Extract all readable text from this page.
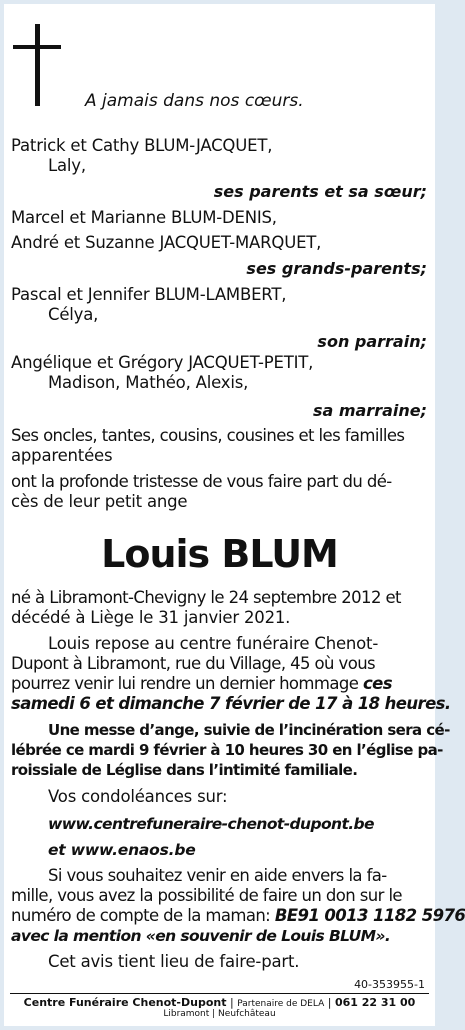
A jamais dans nos cœurs.
Patrick et Cathy BLUM-JACQUET,
Laly,
ses parents et sa sœur;
Marcel et Marianne BLUM-DENIS,
André et Suzanne JACQUET-MARQUET,
ses grands-parents;
Pascal et Jennifer BLUM-LAMBERT,
Célya,
son parrain;
Angélique et Grégory JACQUET-PETIT,
Madison, Mathéo, Alexis,
sa marraine;
Ses oncles, tantes, cousins, cousines et les familles
apparentées
ont la profonde tristesse de vous faire part du dé-
cès de leur petit ange
Louis BLUM
né à Libramont-Chevigny le 24 septembre 2012 et
décédé à Liège le 31 janvier 2021.
Louis repose au centre funéraire Chenot-
Dupont à Libramont, rue du Village, 45 où vous
pourrez venir lui rendre un dernier hommage ces
samedi 6 et dimanche 7 février de 17 à 18 heures.
Une messe d’ange, suivie de l’incinération sera cé-
lébrée ce mardi 9 février à 10 heures 30 en l’église pa-
roissiale de Léglise dans l’intimité familiale.
Vos condoléances sur:
www.centrefuneraire-chenot-dupont.be
et www.enaos.be
Si vous souhaitez venir en aide envers la fa-
mille, vous avez la possibilité de faire un don sur le
numéro de compte de la maman: BE91 0013 1182 5976
avec la mention «en souvenir de Louis BLUM».
Cet avis tient lieu de faire-part.
40-353955-1
Centre Funéraire Chenot-Dupont | Partenaire de DELA | 061 22 31 00
Libramont | Neufchâteau
